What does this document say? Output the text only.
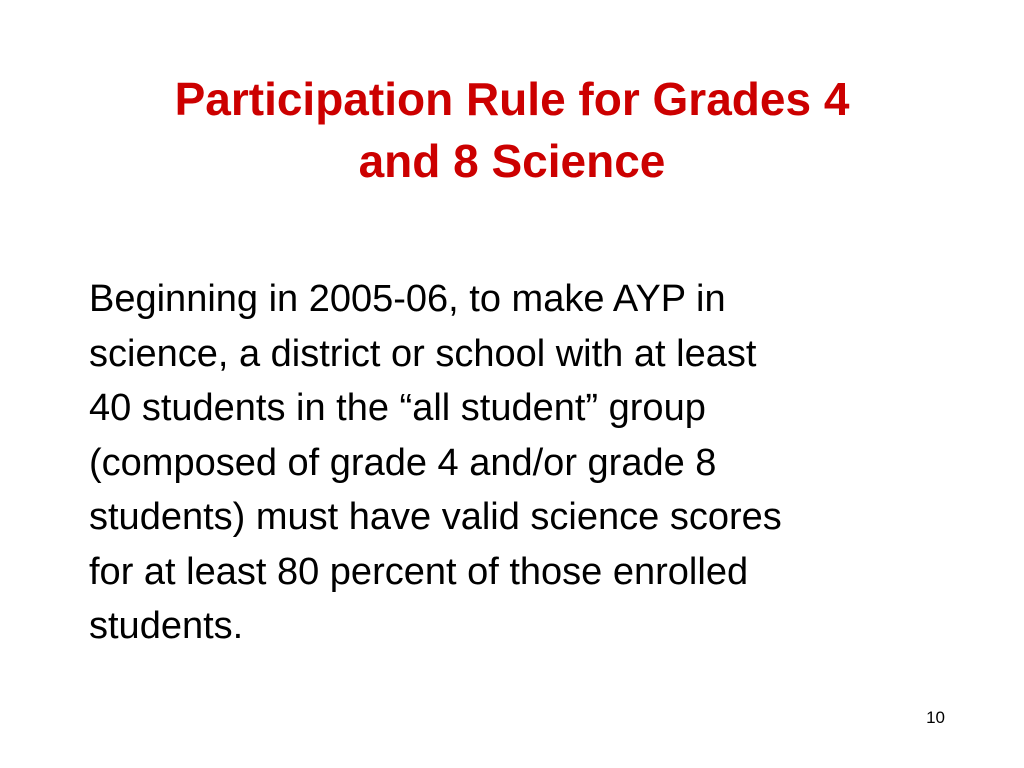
Participation Rule for Grades 4
and 8 Science
Beginning in 2005-06, to make AYP in
science, a district or school with at least
40 students in the “all student” group
(composed of grade 4 and/or grade 8
students) must have valid science scores
for at least 80 percent of those enrolled
students.
10
